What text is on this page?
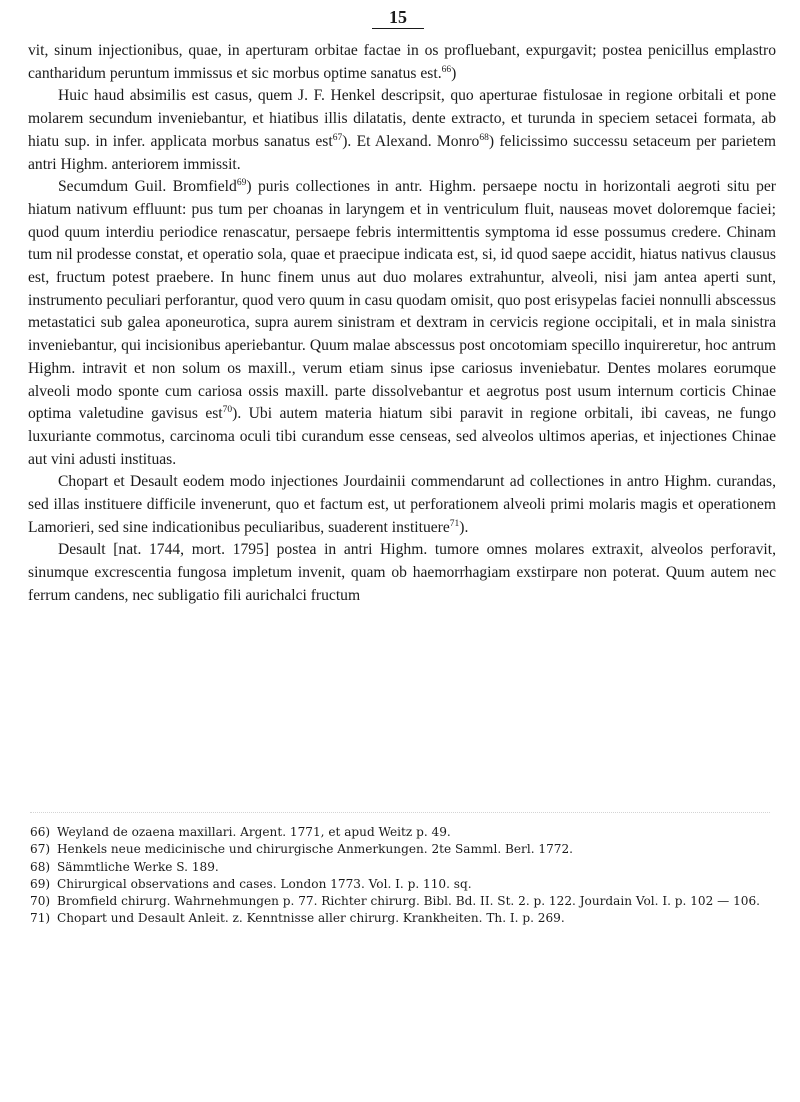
15

vit, sinum injectionibus, quae, in aperturam orbitae factae in os profluebant, expurgavit; postea penicillus emplastro cantharidum peruntum immissus et sic morbus optime sanatus est.$^{66}$)

Huic haud absimilis est casus, quem J. F. Henkel descripsit, quo aperturae fistulosae in regione orbitali et pone molarem secundum inveniebantur, et hiatibus illis dilatatis, dente extracto, et turunda in speciem setacei formata, ab hiatu sup. in infer. applicata morbus sanatus est$^{67}$). Et Alexand. Monro$^{68}$) felicissimo successu setaceum per parietem antri Highm. anteriorem immissit.

Secumdum Guil. Bromfield$^{69}$) puris collectiones in antr. Highm. persaepe noctu in horizontali aegroti situ per hiatum nativum effluunt: pus tum per choanas in laryngem et in ventriculum fluit, nauseas movet doloremque faciei; quod quum interdiu periodice renascatur, persaepe febris intermittentis symptoma id esse possumus credere. Chinam tum nil prodesse constat, et operatio sola, quae et praecipue indicata est, si, id quod saepe accidit, hiatus nativus clausus est, fructum potest praebere. In hunc finem unus aut duo molares extrahuntur, alveoli, nisi jam antea aperti sunt, instrumento peculiari perforantur, quod vero quum in casu quodam omisit, quo post erisypelas faciei nonnulli abscessus metastatici sub galea aponeurotica, supra aurem sinistram et dextram in cervicis regione occipitali, et in mala sinistra inveniebantur, qui incisionibus aperiebantur. Quum malae abscessus post oncotomiam specillo inquireretur, hoc antrum Highm. intravit et non solum os maxill., verum etiam sinus ipse cariosus inveniebatur. Dentes molares eorumque alveoli modo sponte cum cariosa ossis maxill. parte dissolvebantur et aegrotus post usum internum corticis Chinae optima valetudine gavisus est$^{70}$). Ubi autem materia hiatum sibi paravit in regione orbitali, ibi caveas, ne fungo luxuriante commotus, carcinoma oculi tibi curandum esse censeas, sed alveolos ultimos aperias, et injectiones Chinae aut vini adusti instituas.

Chopart et Desault eodem modo injectiones Jourdainii commendarunt ad collectiones in antro Highm. curandas, sed illas instituere difficile invenerunt, quo et factum est, ut perforationem alveoli primi molaris magis et operationem Lamorieri, sed sine indicationibus peculiaribus, suaderent instituere$^{71}$).

Desault [nat. 1744, mort. 1795] postea in antri Highm. tumore omnes molares extraxit, alveolos perforavit, sinumque excrescentia fungosa impletum invenit, quam ob haemorrhagiam exstirpare non poterat. Quum autem nec ferrum candens, nec subligatio fili aurichalci fructum

66) Weyland de ozaena maxillari. Argent. 1771, et apud Weitz p. 49.
67) Henkels neue medicinische und chirurgische Anmerkungen. 2te Samml. Berl. 1772.
68) Sämmtliche Werke S. 189.
69) Chirurgical observations and cases. London 1773. Vol. I. p. 110. sq.
70) Bromfield chirurg. Wahrnehmungen p. 77. Richter chirurg. Bibl. Bd. II. St. 2. p. 122. Jourdain Vol. I. p. 102 — 106.
71) Chopart und Desault Anleit. z. Kenntnisse aller chirurg. Krankheiten. Th. I. p. 269.
